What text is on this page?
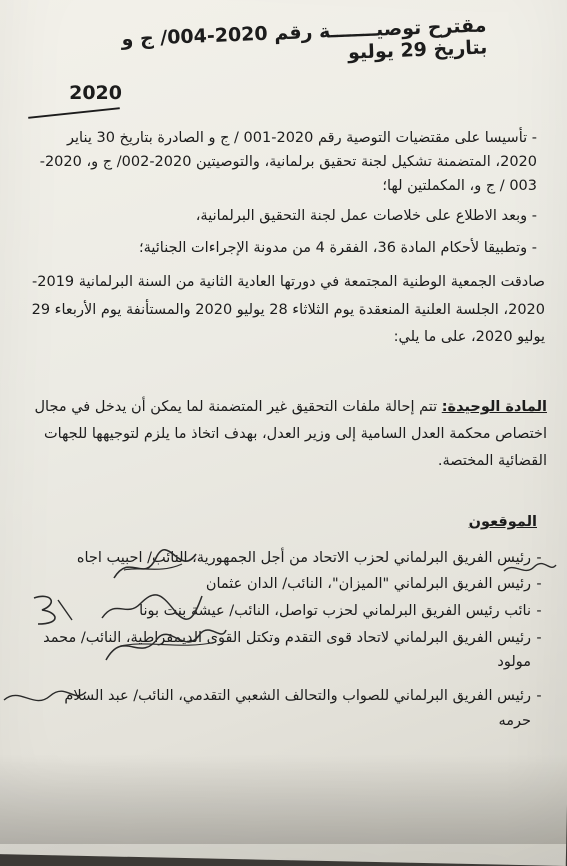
مقترح توصيـــــــة رقم 2020-004/ ج و بتاريخ 29 يوليو
2020
- تأسيسا على مقتضيات التوصية رقم 2020-001 / ج و الصادرة بتاريخ 30 يناير
2020، المتضمنة تشكيل لجنة تحقيق برلمانية، والتوصيتين 2020-002/ ج و، 2020-
003 / ج و، المكملتين لها؛
- وبعد الاطلاع على خلاصات عمل لجنة التحقيق البرلمانية،
- وتطبيقا لأحكام المادة 36، الفقرة 4 من مدونة الإجراءات الجنائية؛
صادقت الجمعية الوطنية المجتمعة في دورتها العادية الثانية من السنة البرلمانية 2019-
2020، الجلسة العلنية المنعقدة يوم الثلاثاء 28 يوليو 2020 والمستأنفة يوم الأربعاء 29
يوليو 2020، على ما يلي:
المادة الوحيدة: تتم إحالة ملفات التحقيق غير المتضمنة لما يمكن أن يدخل في مجال
اختصاص محكمة العدل السامية إلى وزير العدل، بهدف اتخاذ ما يلزم لتوجيهها للجهات
القضائية المختصة.
الموقعون
-رئيس الفريق البرلماني لحزب الاتحاد من أجل الجمهورية، النائب/ احبيب اجاه
-رئيس الفريق البرلماني "الميزان"، النائب/ الدان عثمان
-نائب رئيس الفريق البرلماني لحزب تواصل، النائب/ عيشة بنت بونا
-رئيس الفريق البرلماني لاتحاد قوى التقدم وتكتل القوى الديمقراطية، النائب/ محمد
مولود
-رئيس الفريق البرلماني للصواب والتحالف الشعبي التقدمي، النائب/ عبد السلام
حرمه
